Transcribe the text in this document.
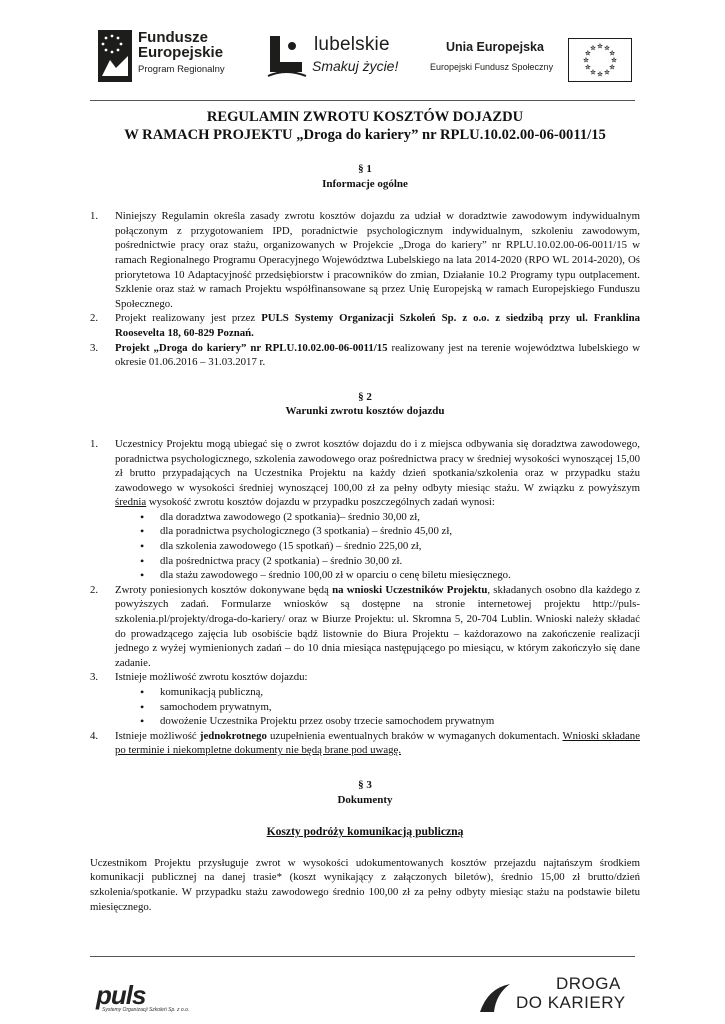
Fundusze
Europejskie
Program Regionalny
lubelskie
Smakuj życie!
Unia Europejska
Europejski Fundusz Społeczny
REGULAMIN ZWROTU KOSZTÓW DOJAZDU
W RAMACH PROJEKTU „Droga do kariery” nr RPLU.10.02.00-06-0011/15
§ 1
Informacje ogólne
1. Niniejszy Regulamin określa zasady zwrotu kosztów dojazdu za udział w doradztwie zawodowym indywidualnym połączonym z przygotowaniem IPD, poradnictwie psychologicznym indywidualnym, szkoleniu zawodowym, pośrednictwie pracy oraz stażu, organizowanych w Projekcie „Droga do kariery” nr RPLU.10.02.00-06-0011/15 w ramach Regionalnego Programu Operacyjnego Województwa Lubelskiego na lata 2014-2020 (RPO WL 2014-2020), Oś priorytetowa 10 Adaptacyjność przedsiębiorstw i pracowników do zmian, Działanie 10.2 Programy typu outplacement. Szklenie oraz staż w ramach Projektu współfinansowane są przez Unię Europejską w ramach Europejskiego Funduszu Społecznego.
2. Projekt realizowany jest przez PULS Systemy Organizacji Szkoleń Sp. z o.o. z siedzibą przy ul. Franklina Roosevelta 18, 60-829 Poznań.
3. Projekt „Droga do kariery” nr RPLU.10.02.00-06-0011/15 realizowany jest na terenie województwa lubelskiego w okresie 01.06.2016 – 31.03.2017 r.
§ 2
Warunki zwrotu kosztów dojazdu
1. Uczestnicy Projektu mogą ubiegać się o zwrot kosztów dojazdu do i z miejsca odbywania się doradztwa zawodowego, poradnictwa psychologicznego, szkolenia zawodowego oraz pośrednictwa pracy w średniej wysokości wynoszącej 15,00 zł brutto przypadających na Uczestnika Projektu na każdy dzień spotkania/szkolenia oraz w przypadku stażu zawodowego w wysokości średniej wynoszącej 100,00 zł za pełny odbyty miesiąc stażu. W związku z powyższym średnia wysokość zwrotu kosztów dojazdu w przypadku poszczególnych zadań wynosi:
• dla doradztwa zawodowego (2 spotkania)– średnio 30,00 zł,
• dla poradnictwa psychologicznego (3 spotkania) – średnio 45,00 zł,
• dla szkolenia zawodowego (15 spotkań) – średnio 225,00 zł,
• dla pośrednictwa pracy (2 spotkania) – średnio 30,00 zł.
• dla stażu zawodowego – średnio 100,00 zł w oparciu o cenę biletu miesięcznego.
2. Zwroty poniesionych kosztów dokonywane będą na wnioski Uczestników Projektu, składanych osobno dla każdego z powyższych zadań. Formularze wniosków są dostępne na stronie internetowej projektu http://puls-szkolenia.pl/projekty/droga-do-kariery/ oraz w Biurze Projektu: ul. Skromna 5, 20-704 Lublin. Wnioski należy składać do prowadzącego zajęcia lub osobiście bądź listownie do Biura Projektu – każdorazowo na zakończenie realizacji jednego z wyżej wymienionych zadań – do 10 dnia miesiąca następującego po miesiącu, w którym zakończyło się dane zadanie.
3. Istnieje możliwość zwrotu kosztów dojazdu:
• komunikacją publiczną,
• samochodem prywatnym,
• dowożenie Uczestnika Projektu przez osoby trzecie samochodem prywatnym
4. Istnieje możliwość jednokrotnego uzupełnienia ewentualnych braków w wymaganych dokumentach. Wnioski składane po terminie i niekompletne dokumenty nie będą brane pod uwagę.
§ 3
Dokumenty
Koszty podróży komunikacją publiczną
Uczestnikom Projektu przysługuje zwrot w wysokości udokumentowanych kosztów przejazdu najtańszym środkiem komunikacji publicznej na danej trasie* (koszt wynikający z załączonych biletów), średnio 15,00 zł brutto/dzień szkolenia/spotkanie. W przypadku stażu zawodowego średnio 100,00 zł za pełny odbyty miesiąc stażu na podstawie biletu miesięcznego.
puls
Systemy Organizacji Szkoleń Sp. z o.o.
DROGA
DO KARIERY
